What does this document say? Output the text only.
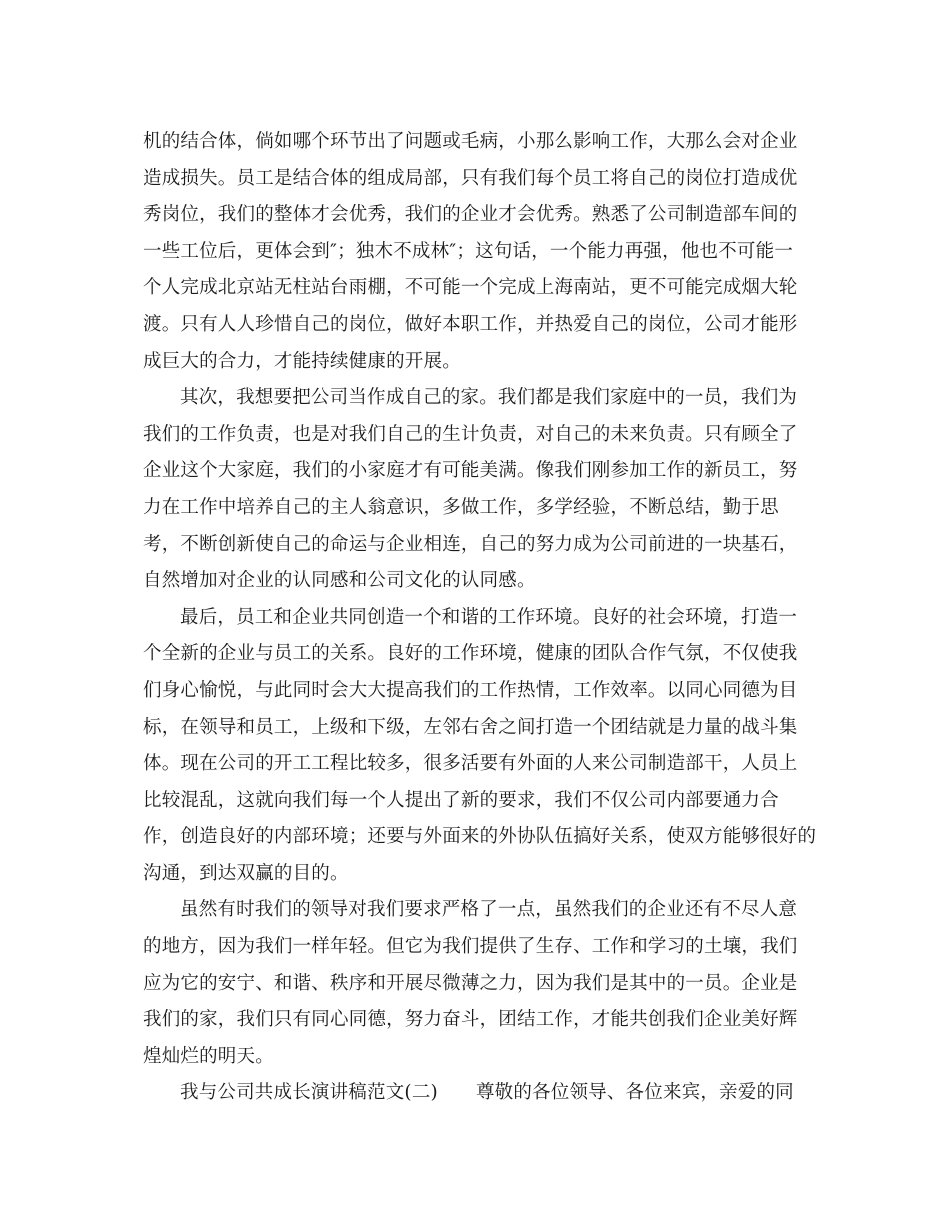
机的结合体，倘如哪个环节出了问题或毛病，小那么影响工作，大那么会对企业
造成损失。员工是结合体的组成局部，只有我们每个员工将自己的岗位打造成优
秀岗位，我们的整体才会优秀，我们的企业才会优秀。熟悉了公司制造部车间的
一些工位后，更体会到″；独木不成林″；这句话，一个能力再强，他也不可能一
个人完成北京站无柱站台雨棚，不可能一个完成上海南站，更不可能完成烟大轮
渡。只有人人珍惜自己的岗位，做好本职工作，并热爱自己的岗位，公司才能形
成巨大的合力，才能持续健康的开展。
其次，我想要把公司当作成自己的家。我们都是我们家庭中的一员，我们为
我们的工作负责，也是对我们自己的生计负责，对自己的未来负责。只有顾全了
企业这个大家庭，我们的小家庭才有可能美满。像我们刚参加工作的新员工，努
力在工作中培养自己的主人翁意识，多做工作，多学经验，不断总结，勤于思
考，不断创新使自己的命运与企业相连，自己的努力成为公司前进的一块基石，
自然增加对企业的认同感和公司文化的认同感。
最后，员工和企业共同创造一个和谐的工作环境。良好的社会环境，打造一
个全新的企业与员工的关系。良好的工作环境，健康的团队合作气氛，不仅使我
们身心愉悦，与此同时会大大提高我们的工作热情，工作效率。以同心同德为目
标，在领导和员工，上级和下级，左邻右舍之间打造一个团结就是力量的战斗集
体。现在公司的开工工程比较多，很多活要有外面的人来公司制造部干，人员上
比较混乱，这就向我们每一个人提出了新的要求，我们不仅公司内部要通力合
作，创造良好的内部环境；还要与外面来的外协队伍搞好关系，使双方能够很好的
沟通，到达双赢的目的。
虽然有时我们的领导对我们要求严格了一点，虽然我们的企业还有不尽人意
的地方，因为我们一样年轻。但它为我们提供了生存、工作和学习的土壤，我们
应为它的安宁、和谐、秩序和开展尽微薄之力，因为我们是其中的一员。企业是
我们的家，我们只有同心同德，努力奋斗，团结工作，才能共创我们企业美好辉
煌灿烂的明天。
我与公司共成长演讲稿范文(二) 尊敬的各位领导、各位来宾，亲爱的同
